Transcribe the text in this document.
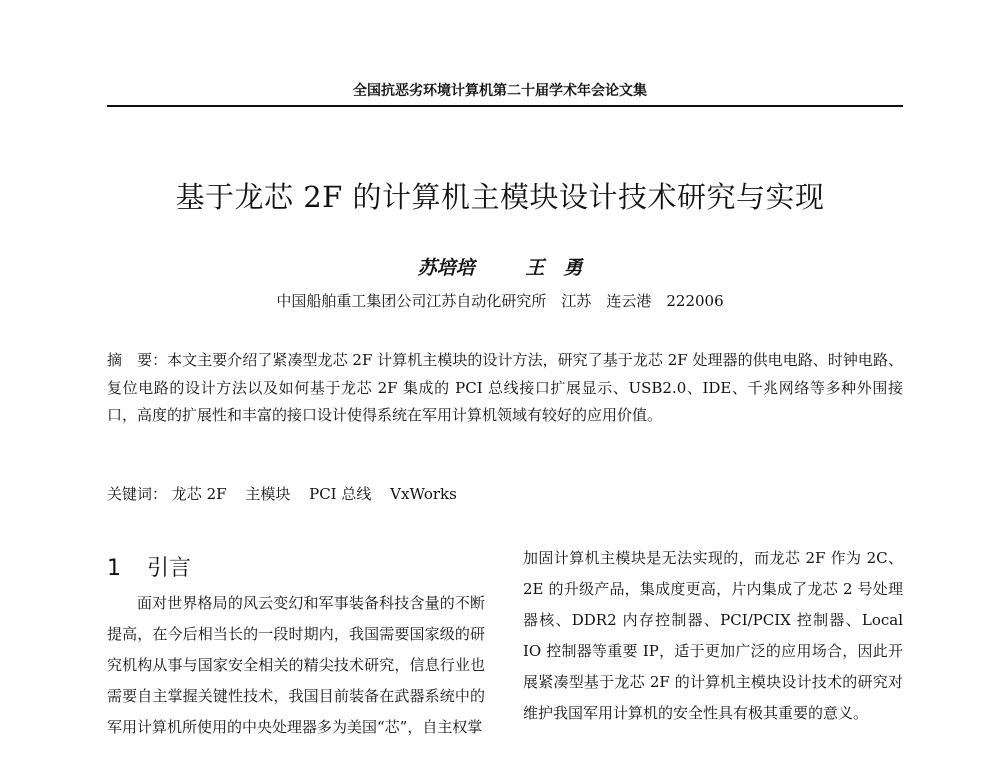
全国抗恶劣环境计算机第二十届学术年会论文集
基于龙芯 2F 的计算机主模块设计技术研究与实现
苏培培	王　勇
中国船舶重工集团公司江苏自动化研究所　江苏　连云港　222006

摘　要：本文主要介绍了紧凑型龙芯 2F 计算机主模块的设计方法，研究了基于龙芯 2F 处理器的供电电路、时钟电路、复位电路的设计方法以及如何基于龙芯 2F 集成的 PCI 总线接口扩展显示、USB2.0、IDE、千兆网络等多种外围接口，高度的扩展性和丰富的接口设计使得系统在军用计算机领域有较好的应用价值。

关键词： 龙芯 2F 主模块 PCI 总线 VxWorks
1 引言

面对世界格局的风云变幻和军事装备科技含量的不断提高，在今后相当长的一段时期内，我国需要国家级的研究机构从事与国家安全相关的精尖技术研究，信息行业也需要自主掌握关键性技术，我国目前装备在武器系统中的军用计算机所使用的中央处理器多为美国“芯”，自主权掌

加固计算机主模块是无法实现的，而龙芯 2F 作为 2C、2E 的升级产品，集成度更高，片内集成了龙芯 2 号处理器核、DDR2 内存控制器、PCI/PCIX 控制器、Local IO 控制器等重要 IP，适于更加广泛的应用场合，因此开展紧凑型基于龙芯 2F 的计算机主模块设计技术的研究对维护我国军用计算机的安全性具有极其重要的意义。
